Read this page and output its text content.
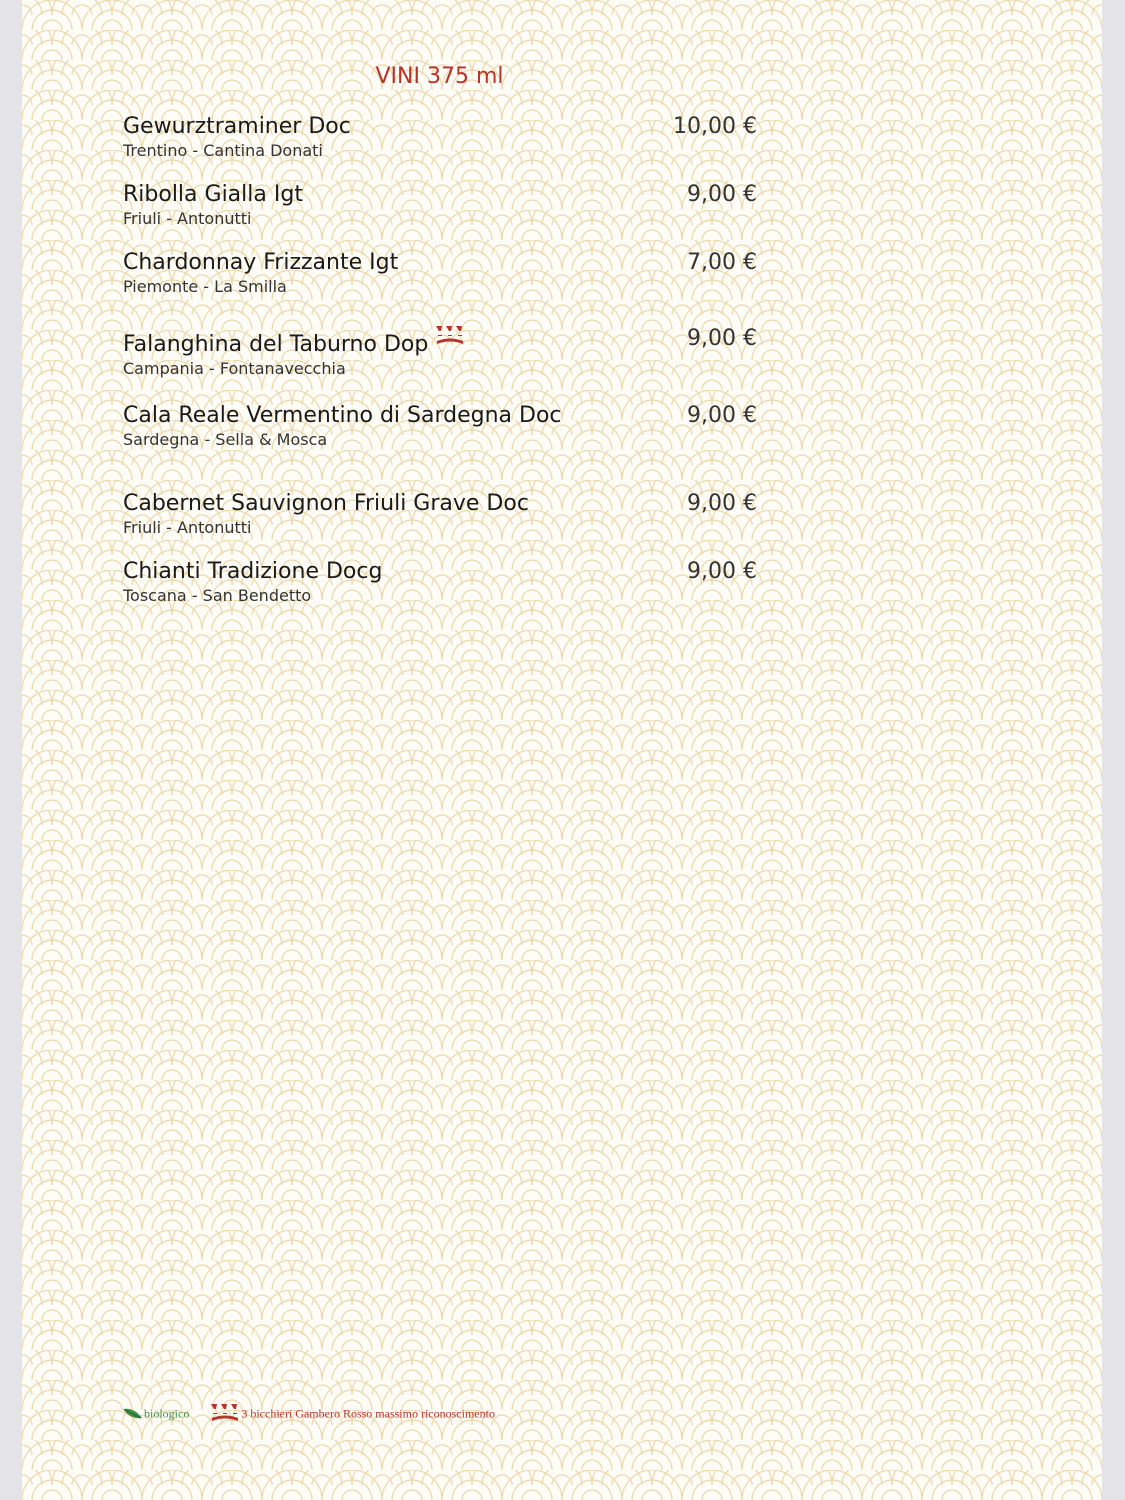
VINI 375 ml
Gewurztraminer Doc
Trentino - Cantina Donati
10,00 €
Ribolla Gialla Igt
Friuli - Antonutti
9,00 €
Chardonnay Frizzante Igt
Piemonte - La Smilla
7,00 €
Falanghina del Taburno Dop
Campania - Fontanavecchia
9,00 €
Cala Reale Vermentino di Sardegna Doc
Sardegna - Sella & Mosca
9,00 €
Cabernet Sauvignon Friuli Grave Doc
Friuli - Antonutti
9,00 €
Chianti Tradizione Docg
Toscana - San Bendetto
9,00 €
biologico	3 bicchieri Gambero Rosso massimo riconoscimento
